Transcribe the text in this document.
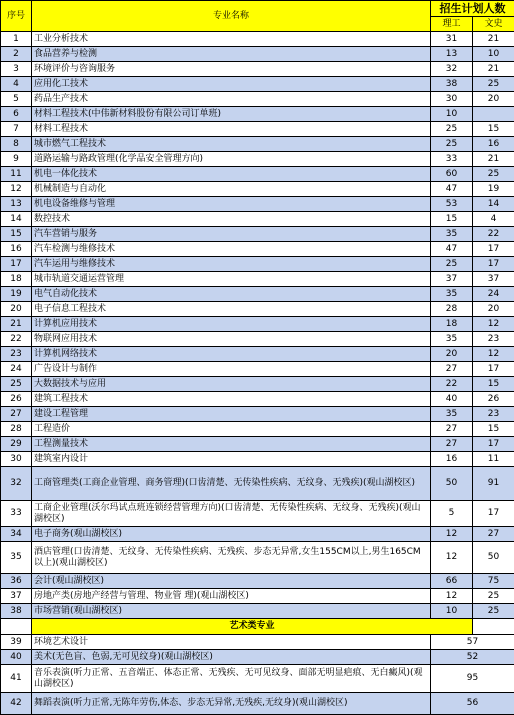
序号	专业名称	招生计划人数	
		理工	文史
1	工业分析技术	31	21
2	食品营养与检测	13	10
3	环境评价与咨询服务	32	21
4	应用化工技术	38	25
5	药品生产技术	30	20
6	材料工程技术(中伟新材料股份有限公司订单班)	10	
7	材料工程技术	25	15
8	城市燃气工程技术	25	16
9	道路运输与路政管理(化学品安全管理方向)	33	21
11	机电一体化技术	60	25
12	机械制造与自动化	47	19
13	机电设备维修与管理	53	14
14	数控技术	15	4
15	汽车营销与服务	35	22
16	汽车检测与维修技术	47	17
17	汽车运用与维修技术	25	17
18	城市轨道交通运营管理	37	37
19	电气自动化技术	35	24
20	电子信息工程技术	28	20
21	计算机应用技术	18	12
22	物联网应用技术	35	23
23	计算机网络技术	20	12
24	广告设计与制作	27	17
25	大数据技术与应用	22	15
26	建筑工程技术	40	26
27	建设工程管理	35	23
28	工程造价	27	15
29	工程测量技术	27	17
30	建筑室内设计	16	11
32	工商管理类(工商企业管理、商务管理)(口齿清楚、无传染性疾病、无纹身、无残疾)(观山湖校区)	50	91
33	工商企业管理(沃尔玛试点班连锁经营管理方向)(口齿清楚、无传染性疾病、无纹身、无残疾)(观山湖校区)	5	17
34	电子商务(观山湖校区)	12	27
35	酒店管理(口齿清楚、无纹身、无传染性疾病、无残疾、步态无异常,女生155CM以上,男生165CM以上)(观山湖校区)	12	50
36	会计(观山湖校区)	66	75
37	房地产类(房地产经营与管理、物业管 理)(观山湖校区)	12	25
38	市场营销(观山湖校区)	10	25
	艺术类专业		
39	环境艺术设计	57	
40	美术(无色盲、色弱,无可见纹身)(观山湖校区)	52	
41	音乐表演(听力正常、五音端正、体态正常、无残疾、无可见纹身、面部无明显疤痕、无白癜风)(观山湖校区)	95	
42	舞蹈表演(听力正常,无陈年劳伤,体态、步态无异常,无残疾,无纹身)(观山湖校区)	56	
